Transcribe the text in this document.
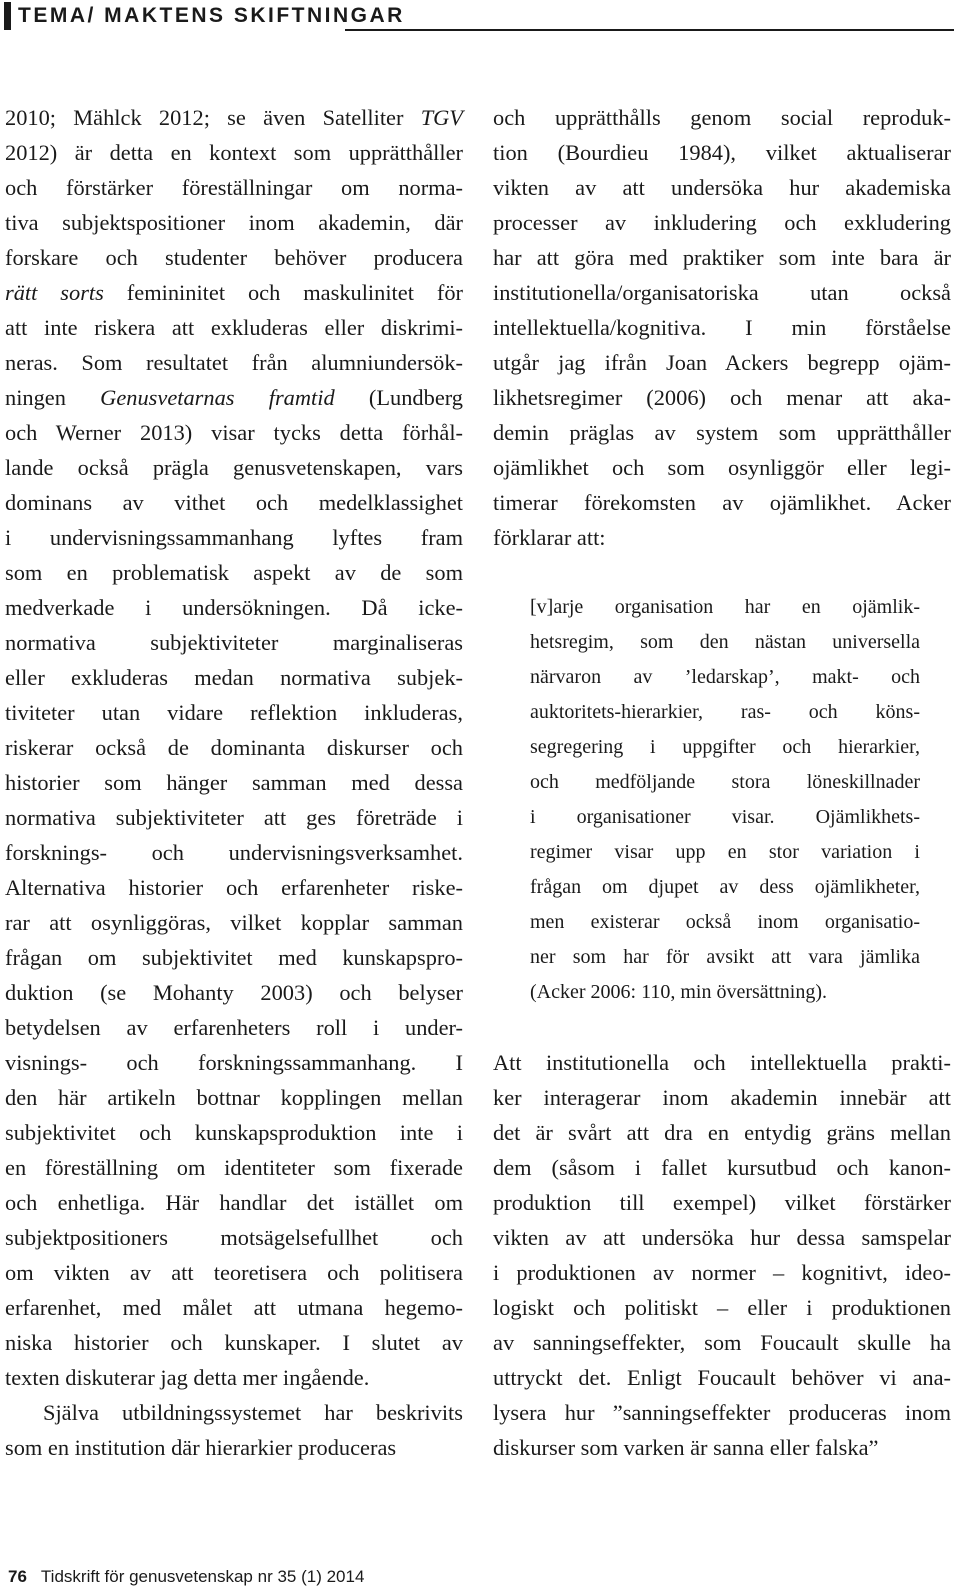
TEMA/ MAKTENS SKIFTNINGAR
2010; Mählck 2012; se även Satelliter TGV
2012) är detta en kontext som upprätthåller
och förstärker föreställningar om norma-
tiva subjektspositioner inom akademin, där
forskare och studenter behöver producera
rätt sorts femininitet och maskulinitet för
att inte riskera att exkluderas eller diskrimi-
neras. Som resultatet från alumniundersök-
ningen Genusvetarnas framtid (Lundberg
och Werner 2013) visar tycks detta förhål-
lande också prägla genusvetenskapen, vars
dominans av vithet och medelklassighet
i undervisningssammanhang lyftes fram
som en problematisk aspekt av de som
medverkade i undersökningen. Då icke-
normativa subjektiviteter marginaliseras
eller exkluderas medan normativa subjek-
tiviteter utan vidare reflektion inkluderas,
riskerar också de dominanta diskurser och
historier som hänger samman med dessa
normativa subjektiviteter att ges företräde i
forsknings- och undervisningsverksamhet.
Alternativa historier och erfarenheter riske-
rar att osynliggöras, vilket kopplar samman
frågan om subjektivitet med kunskapspro-
duktion (se Mohanty 2003) och belyser
betydelsen av erfarenheters roll i under-
visnings- och forskningssammanhang. I
den här artikeln bottnar kopplingen mellan
subjektivitet och kunskapsproduktion inte i
en föreställning om identiteter som fixerade
och enhetliga. Här handlar det istället om
subjektpositioners motsägelsefullhet och
om vikten av att teoretisera och politisera
erfarenhet, med målet att utmana hegemo-
niska historier och kunskaper. I slutet av
texten diskuterar jag detta mer ingående.
Själva utbildningssystemet har beskrivits
som en institution där hierarkier produceras
och upprätthålls genom social reproduk-
tion (Bourdieu 1984), vilket aktualiserar
vikten av att undersöka hur akademiska
processer av inkludering och exkludering
har att göra med praktiker som inte bara är
institutionella/organisatoriska utan också
intellektuella/kognitiva. I min förståelse
utgår jag ifrån Joan Ackers begrepp ojäm-
likhetsregimer (2006) och menar att aka-
demin präglas av system som upprätthåller
ojämlikhet och som osynliggör eller legi-
timerar förekomsten av ojämlikhet. Acker
förklarar att:
[v]arje organisation har en ojämlik-
hetsregim, som den nästan universella
närvaron av ’ledarskap’, makt- och
auktoritets-hierarkier, ras- och köns-
segregering i uppgifter och hierarkier,
och medföljande stora löneskillnader
i organisationer visar. Ojämlikhets-
regimer visar upp en stor variation i
frågan om djupet av dess ojämlikheter,
men existerar också inom organisatio-
ner som har för avsikt att vara jämlika
(Acker 2006: 110, min översättning).
Att institutionella och intellektuella prakti-
ker interagerar inom akademin innebär att
det är svårt att dra en entydig gräns mellan
dem (såsom i fallet kursutbud och kanon-
produktion till exempel) vilket förstärker
vikten av att undersöka hur dessa samspelar
i produktionen av normer – kognitivt, ideo-
logiskt och politiskt – eller i produktionen
av sanningseffekter, som Foucault skulle ha
uttryckt det. Enligt Foucault behöver vi ana-
lysera hur ”sanningseffekter produceras inom
diskurser som varken är sanna eller falska”
76 Tidskrift för genusvetenskap nr 35 (1) 2014
